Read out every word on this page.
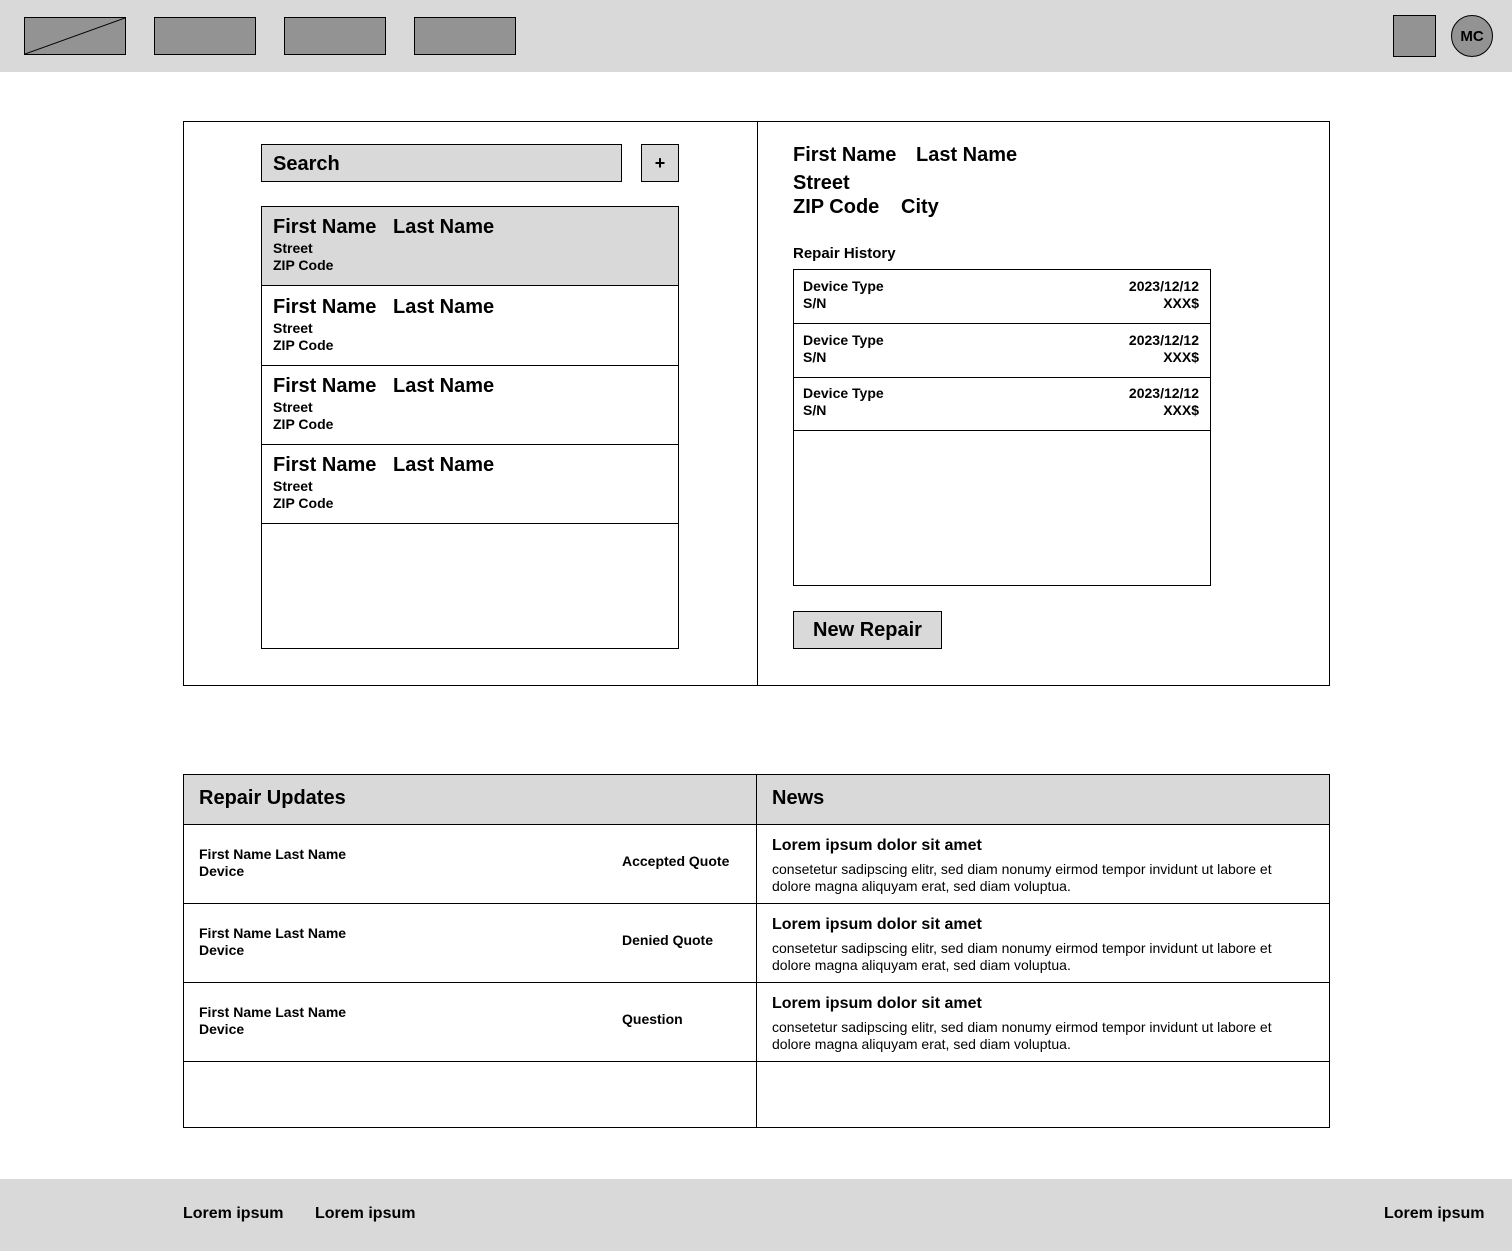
MC
Search	+
First Name Last Name
Street
ZIP Code
First Name Last Name
Street
ZIP Code
First Name Last Name
Street
ZIP Code
First Name Last Name
Street
ZIP Code
First Name Last Name
Street
ZIP Code City
Repair History
Device Type
S/N
2023/12/12
XXX$
Device Type
S/N
2023/12/12
XXX$
Device Type
S/N
2023/12/12
XXX$
New Repair
Repair Updates
First Name Last Name
Device
Accepted Quote
First Name Last Name
Device
Denied Quote
First Name Last Name
Device
Question
News
Lorem ipsum dolor sit amet
consetetur sadipscing elitr, sed diam nonumy eirmod tempor invidunt ut labore et dolore magna aliquyam erat, sed diam voluptua.
Lorem ipsum dolor sit amet
consetetur sadipscing elitr, sed diam nonumy eirmod tempor invidunt ut labore et dolore magna aliquyam erat, sed diam voluptua.
Lorem ipsum dolor sit amet
consetetur sadipscing elitr, sed diam nonumy eirmod tempor invidunt ut labore et dolore magna aliquyam erat, sed diam voluptua.
Lorem ipsum Lorem ipsum	Lorem ipsum
